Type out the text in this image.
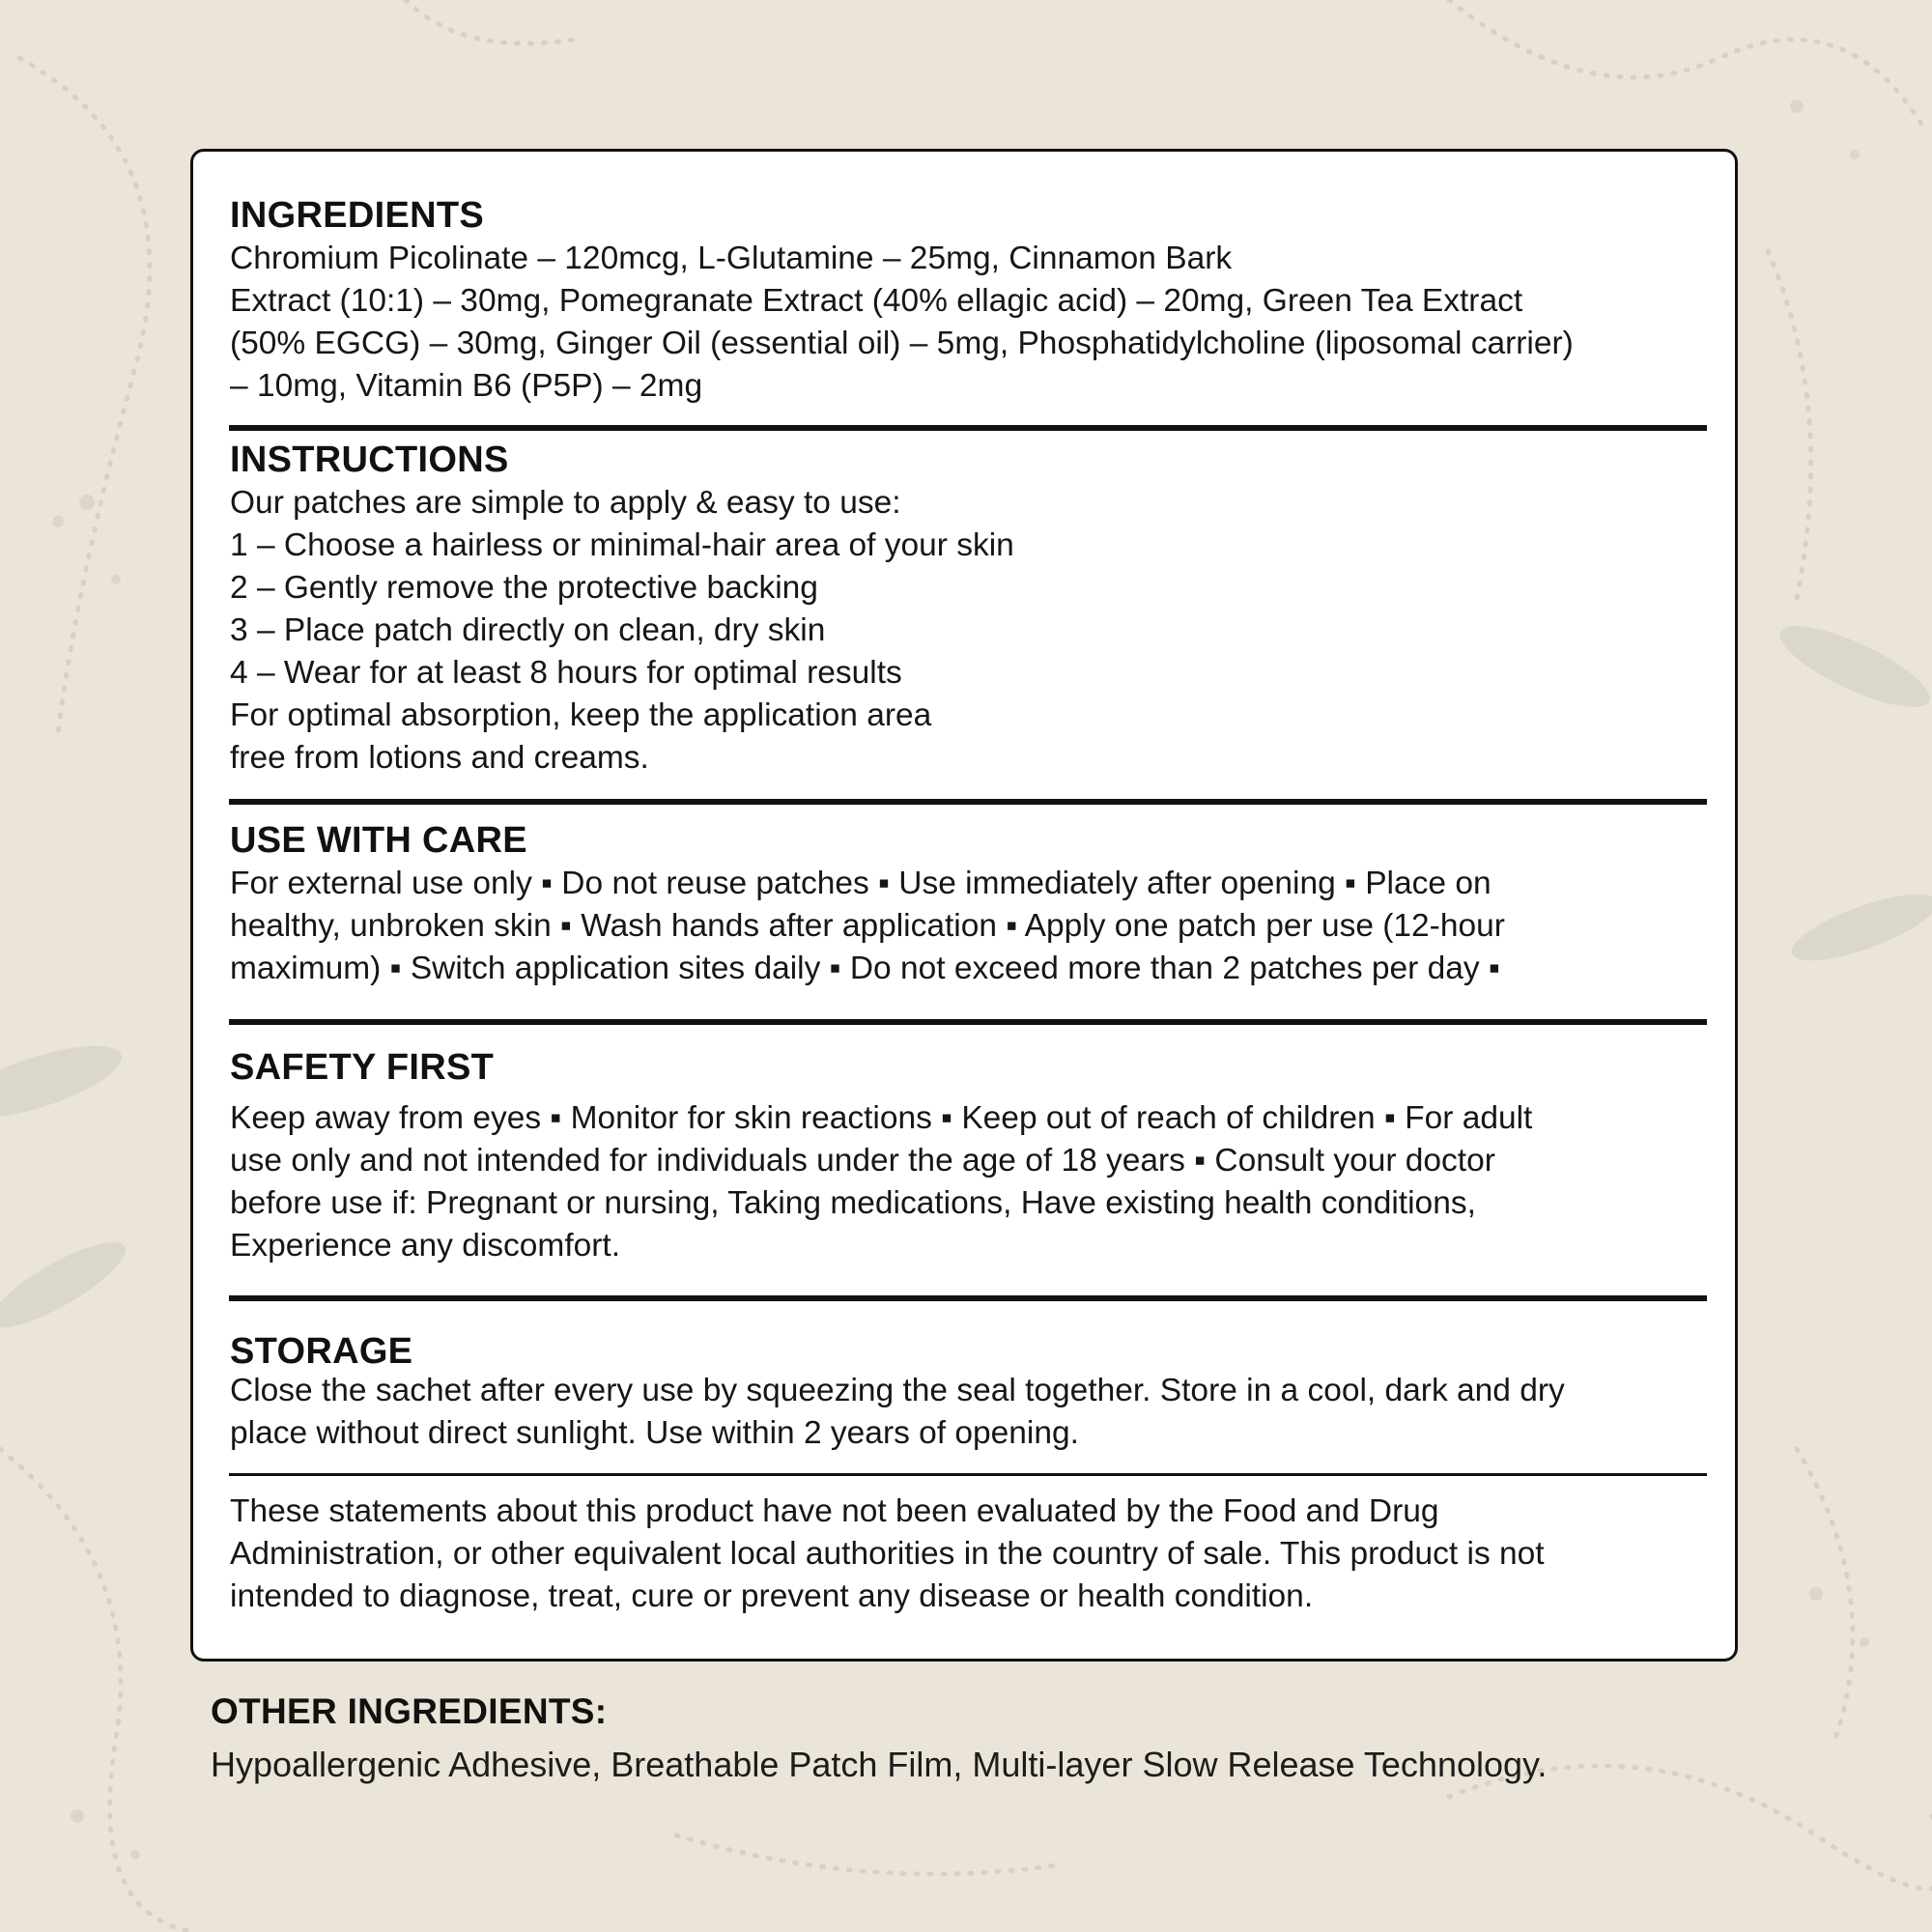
INGREDIENTS
Chromium Picolinate – 120mcg, L-Glutamine – 25mg, Cinnamon Bark
Extract (10:1) – 30mg, Pomegranate Extract (40% ellagic acid) – 20mg, Green Tea Extract
(50% EGCG) – 30mg, Ginger Oil (essential oil) – 5mg, Phosphatidylcholine (liposomal carrier)
– 10mg, Vitamin B6 (P5P) – 2mg
INSTRUCTIONS
Our patches are simple to apply & easy to use:
1 – Choose a hairless or minimal-hair area of your skin
2 – Gently remove the protective backing
3 – Place patch directly on clean, dry skin
4 – Wear for at least 8 hours for optimal results
For optimal absorption, keep the application area
free from lotions and creams.
USE WITH CARE
For external use only ▪ Do not reuse patches ▪ Use immediately after opening ▪ Place on
healthy, unbroken skin ▪ Wash hands after application ▪ Apply one patch per use (12-hour
maximum) ▪ Switch application sites daily ▪ Do not exceed more than 2 patches per day ▪
SAFETY FIRST
Keep away from eyes ▪ Monitor for skin reactions ▪ Keep out of reach of children ▪ For adult
use only and not intended for individuals under the age of 18 years ▪ Consult your doctor
before use if: Pregnant or nursing, Taking medications, Have existing health conditions,
Experience any discomfort.
STORAGE
Close the sachet after every use by squeezing the seal together. Store in a cool, dark and dry
place without direct sunlight. Use within 2 years of opening.
These statements about this product have not been evaluated by the Food and Drug
Administration, or other equivalent local authorities in the country of sale. This product is not
intended to diagnose, treat, cure or prevent any disease or health condition.
OTHER INGREDIENTS:
Hypoallergenic Adhesive, Breathable Patch Film, Multi-layer Slow Release Technology.
